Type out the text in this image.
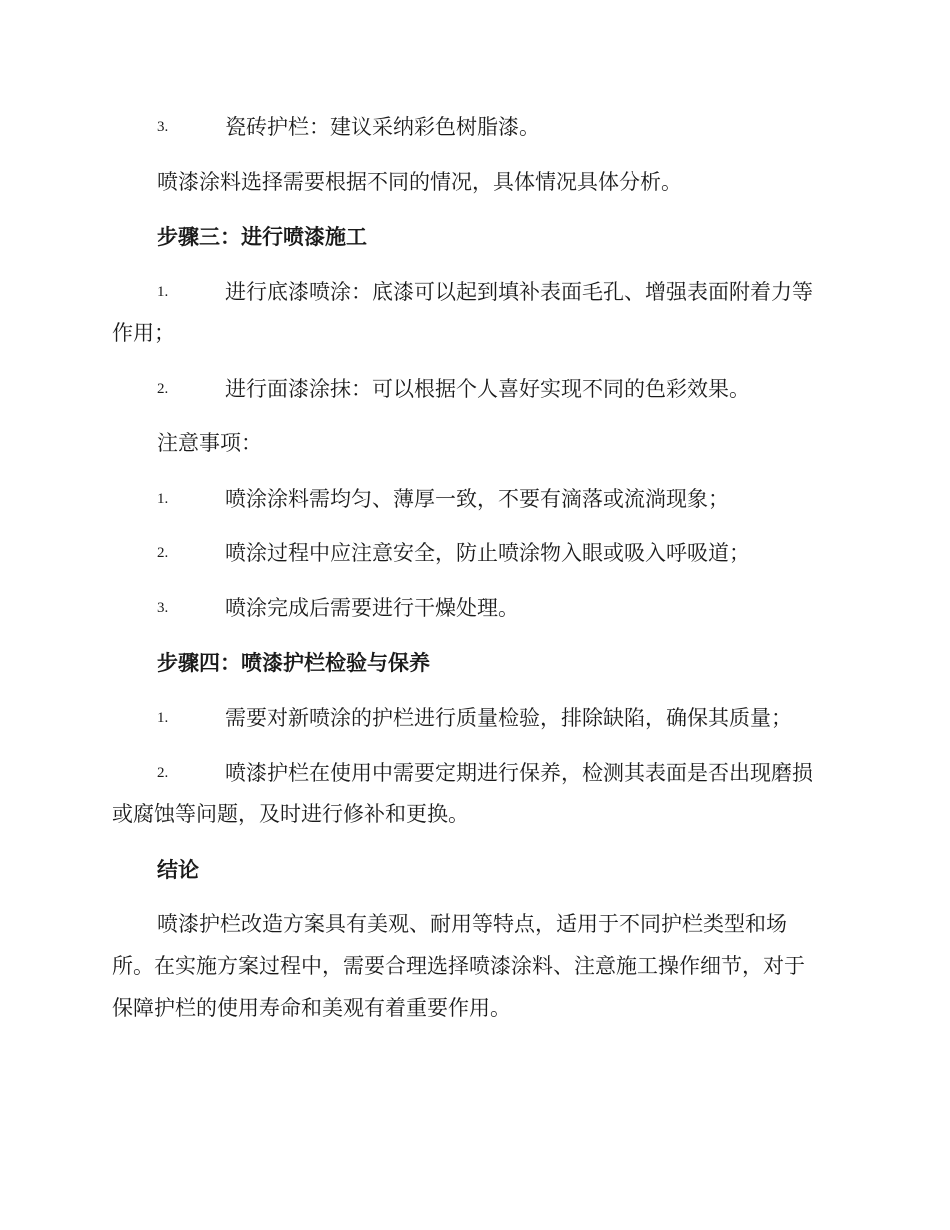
3.	瓷砖护栏：建议采纳彩色树脂漆。
喷漆涂料选择需要根据不同的情况，具体情况具体分析。
步骤三：进行喷漆施工
1.	进行底漆喷涂：底漆可以起到填补表面毛孔、增强表面附着力等
作用；
2.	进行面漆涂抹：可以根据个人喜好实现不同的色彩效果。
注意事项：
1.	喷涂涂料需均匀、薄厚一致，不要有滴落或流淌现象；
2.	喷涂过程中应注意安全，防止喷涂物入眼或吸入呼吸道；
3.	喷涂完成后需要进行干燥处理。
步骤四：喷漆护栏检验与保养
1.	需要对新喷涂的护栏进行质量检验，排除缺陷，确保其质量；
2.	喷漆护栏在使用中需要定期进行保养，检测其表面是否出现磨损
或腐蚀等问题，及时进行修补和更换。
结论
喷漆护栏改造方案具有美观、耐用等特点，适用于不同护栏类型和场
所。在实施方案过程中，需要合理选择喷漆涂料、注意施工操作细节，对于
保障护栏的使用寿命和美观有着重要作用。
